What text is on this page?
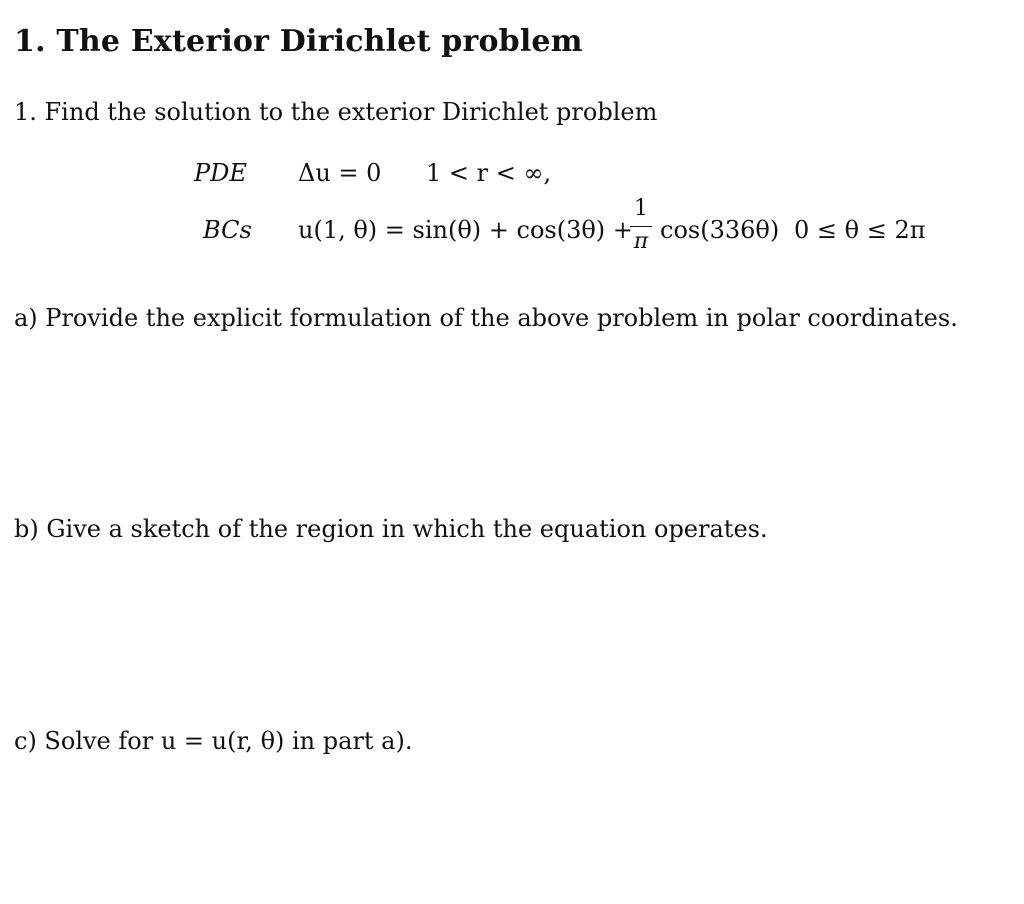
1. The Exterior Dirichlet problem
1. Find the solution to the exterior Dirichlet problem
PDE Δu = 0 1 < r < ∞,
BCs u(1, θ) = sin(θ) + cos(3θ) +
1
π cos(336θ) 0 ≤ θ ≤ 2π
a) Provide the explicit formulation of the above problem in polar coordinates.
b) Give a sketch of the region in which the equation operates.
c) Solve for u = u(r, θ) in part a).
